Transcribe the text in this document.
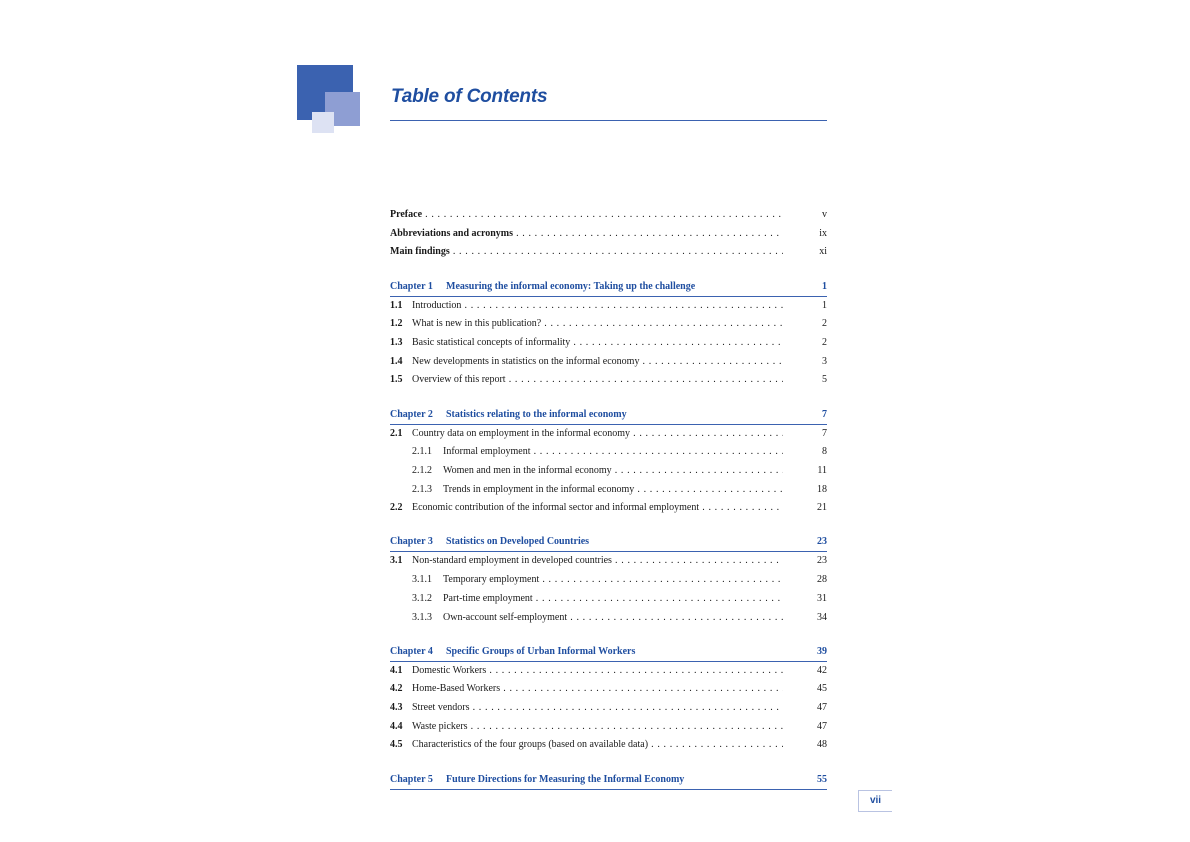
Table of Contents
Preface . . .	v
Abbreviations and acronyms . . .	ix
Main findings . . .	xi
Chapter 1 Measuring the informal economy: Taking up the challenge	1
1.1 Introduction . . .	1
1.2 What is new in this publication? . . .	2
1.3 Basic statistical concepts of informality . . .	2
1.4 New developments in statistics on the informal economy . . .	3
1.5 Overview of this report . . .	5
Chapter 2 Statistics relating to the informal economy	7
2.1 Country data on employment in the informal economy . . .	7
2.1.1 Informal employment . . .	8
2.1.2 Women and men in the informal economy . . .	11
2.1.3 Trends in employment in the informal economy . . .	18
2.2 Economic contribution of the informal sector and informal employment . . .	21
Chapter 3 Statistics on Developed Countries	23
3.1 Non-standard employment in developed countries . . .	23
3.1.1 Temporary employment . . .	28
3.1.2 Part-time employment . . .	31
3.1.3 Own-account self-employment . . .	34
Chapter 4 Specific Groups of Urban Informal Workers	39
4.1 Domestic Workers . . .	42
4.2 Home-Based Workers . . .	45
4.3 Street vendors . . .	47
4.4 Waste pickers . . .	47
4.5 Characteristics of the four groups (based on available data) . . .	48
Chapter 5 Future Directions for Measuring the Informal Economy	55
vii
